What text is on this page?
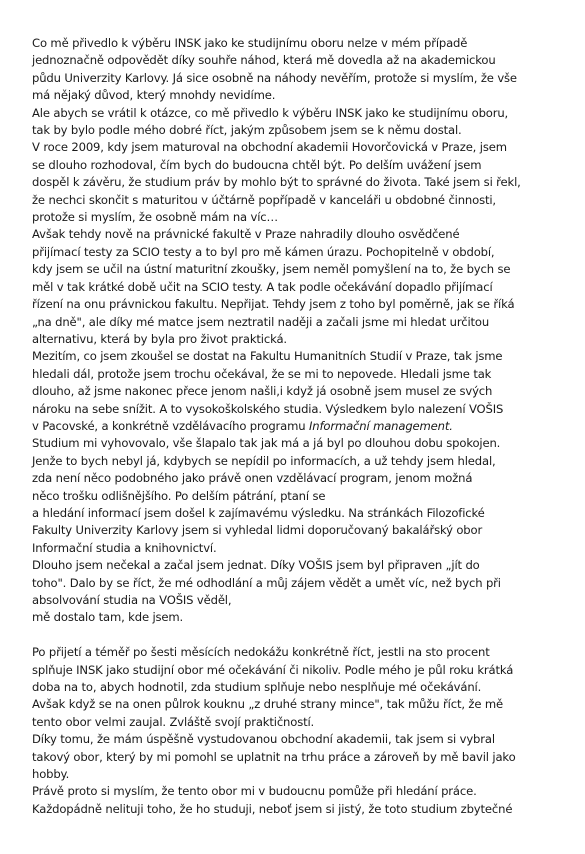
Co mě přivedlo k výběru INSK jako ke studijnímu oboru nelze v mém případě
jednoznačně odpovědět díky souhře náhod, která mě dovedla až na akademickou
půdu Univerzity Karlovy. Já sice osobně na náhody nevěřím, protože si myslím, že vše
má nějaký důvod, který mnohdy nevidíme.
Ale abych se vrátil k otázce, co mě přivedlo k výběru INSK jako ke studijnímu oboru,
tak by bylo podle mého dobré říct, jakým způsobem jsem se k němu dostal.
V roce 2009, kdy jsem maturoval na obchodní akademii Hovorčovická v Praze, jsem
se dlouho rozhodoval, čím bych do budoucna chtěl být. Po delším uvážení jsem
dospěl k závěru, že studium práv by mohlo být to správné do života. Také jsem si řekl,
že nechci skončit s maturitou v účtárně popřípadě v kanceláři u obdobné činnosti,
protože si myslím, že osobně mám na víc…
Avšak tehdy nově na právnické fakultě v Praze nahradily dlouho osvědčené
přijímací testy za SCIO testy a to byl pro mě kámen úrazu. Pochopitelně v období,
kdy jsem se učil na ústní maturitní zkoušky, jsem neměl pomyšlení na to, že bych se
měl v tak krátké době učit na SCIO testy. A tak podle očekávání dopadlo přijímací
řízení na onu právnickou fakultu. Nepřijat. Tehdy jsem z toho byl poměrně, jak se říká
„na dně", ale díky mé matce jsem neztratil naději a začali jsme mi hledat určitou
alternativu, která by byla pro život praktická.
Mezitím, co jsem zkoušel se dostat na Fakultu Humanitních Studií v Praze, tak jsme
hledali dál, protože jsem trochu očekával, že se mi to nepovede. Hledali jsme tak
dlouho, až jsme nakonec přece jenom našli,i když já osobně jsem musel ze svých
nároku na sebe snížit. A to vysokoškolského studia. Výsledkem bylo nalezení VOŠIS
v Pacovské, a konkrétně vzdělávacího programu Informační management.
Studium mi vyhovovalo, vše šlapalo tak jak má a já byl po dlouhou dobu spokojen.
Jenže to bych nebyl já, kdybych se nepídil po informacích, a už tehdy jsem hledal,
zda není něco podobného jako právě onen vzdělávací program, jenom možná
něco trošku odlišnějšího. Po delším pátrání, ptaní se
a hledání informací jsem došel k zajímavému výsledku. Na stránkách Filozofické
Fakulty Univerzity Karlovy jsem si vyhledal lidmi doporučovaný bakalářský obor
Informační studia a knihovnictví.
Dlouho jsem nečekal a začal jsem jednat. Díky VOŠIS jsem byl připraven „jít do
toho". Dalo by se říct, že mé odhodlání a můj zájem vědět a umět víc, než bych při
absolvování studia na VOŠIS věděl,
mě dostalo tam, kde jsem.
Po přijetí a téměř po šesti měsících nedokážu konkrétně říct, jestli na sto procent
splňuje INSK jako studijní obor mé očekávání či nikoliv. Podle mého je půl roku krátká
doba na to, abych hodnotil, zda studium splňuje nebo nesplňuje mé očekávání.
Avšak když se na onen půlrok kouknu „z druhé strany mince", tak můžu říct, že mě
tento obor velmi zaujal. Zvláště svojí praktičností.
Díky tomu, že mám úspěšně vystudovanou obchodní akademii, tak jsem si vybral
takový obor, který by mi pomohl se uplatnit na trhu práce a zároveň by mě bavil jako
hobby.
Právě proto si myslím, že tento obor mi v budoucnu pomůže při hledání práce.
Každopádně nelituji toho, že ho studuji, neboť jsem si jistý, že toto studium zbytečné
